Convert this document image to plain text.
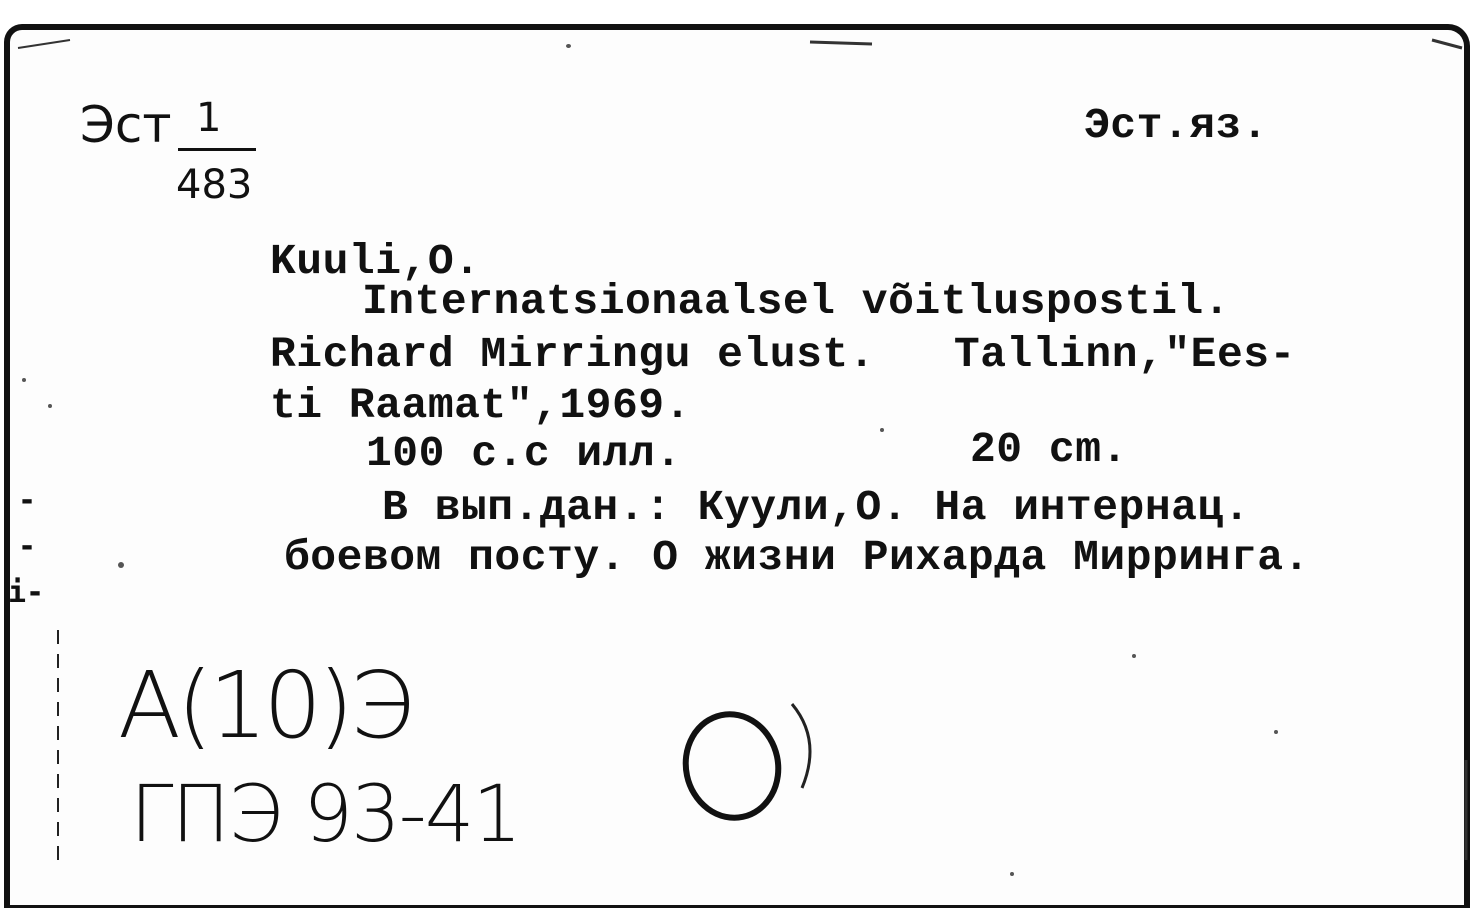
Эст 1
483
Эст.яз.
Kuuli,O.
Internatsionaalsel võitluspostil.
Richard Mirringu elust.   Tallinn,"Ees-
ti Raamat",1969.
100 с.с илл.	20 cm.
В вып.дан.: Куули,О. На интернац.
боевом посту. О жизни Рихарда Мирринга.
-
-
i-
А(10)Э
ГПЭ 93-41
